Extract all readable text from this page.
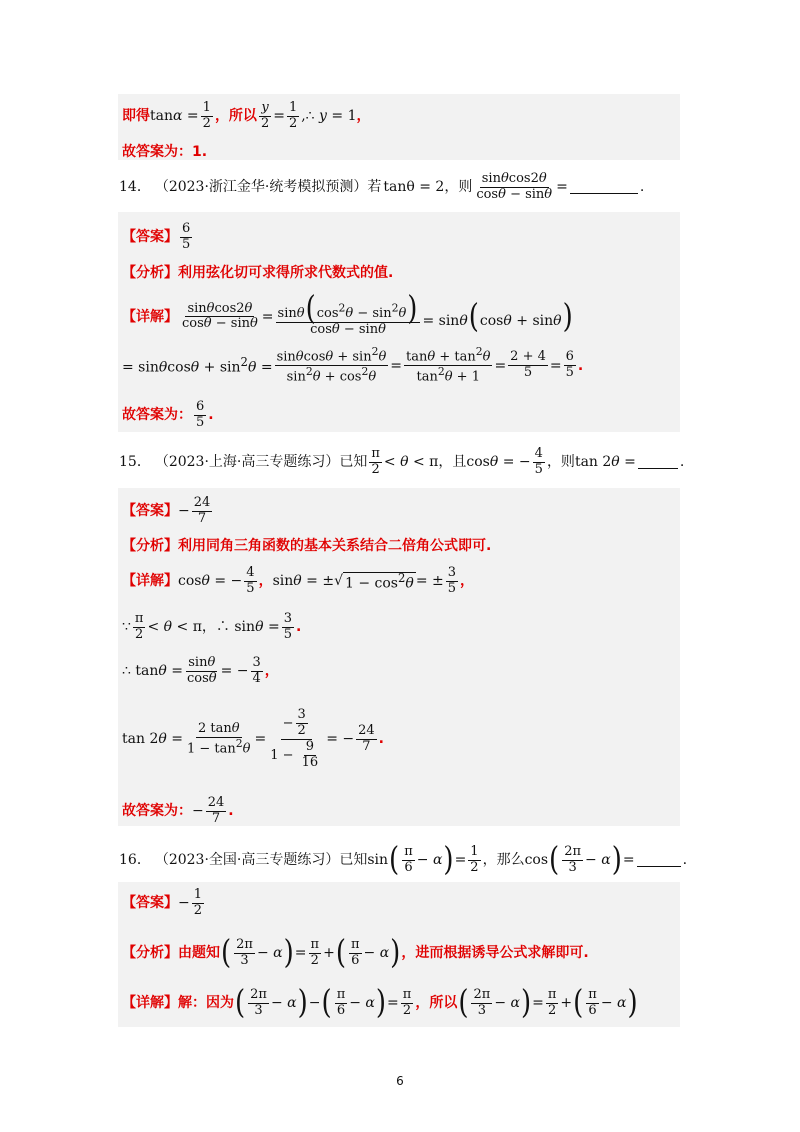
即得 $\tan\alpha = \frac{1}{2}$ ，所以 $\frac{y}{2} = \frac{1}{2}$ ,∴ y = 1 ，
故答案为：1.
14． （2023·浙江金华·统考模拟预测）若 tanθ = 2 ，则 $\frac{\sin\theta\cos 2\theta}{\cos\theta - \sin\theta}$ =	.
【答案】 $\frac{6}{5}$
【分析】 利用弦化切可求得所求代数式的值.
【详解】 $\frac{\sin\theta\cos 2\theta}{\cos\theta - \sin\theta} = \frac{\sin\theta(\cos^2\theta - \sin^2\theta)}{\cos\theta - \sin\theta} = \sin\theta(\cos\theta + \sin\theta)$
= $\sin\theta\cos\theta + \sin^2\theta = \frac{\sin\theta\cos\theta + \sin^2\theta}{\sin^2\theta + \cos^2\theta} = \frac{\tan\theta + \tan^2\theta}{\tan^2\theta + 1} = \frac{2 + 4}{5} = \frac{6}{5}$ .
故答案为： $\frac{6}{5}$ .
15． （2023·上海·高三专题练习）已知 $\frac{\pi}{2} < \theta < \pi$ ，且 cosθ = − $\frac{4}{5}$ ，则 tan 2θ =	.
【答案】 − $\frac{24}{7}$
【分析】 利用同角三角函数的基本关系结合二倍角公式即可.
【详解】 cosθ = − $\frac{4}{5}$ ， sinθ = ± √ $1 - \cos^2\theta$ = ± $\frac{3}{5}$ ，
∵ $\frac{\pi}{2} < \theta < \pi$，∴ $\sin\theta = \frac{3}{5}$ .
∴ $\tan\theta = \frac{\sin\theta}{\cos\theta}$ = − $\frac{3}{4}$ ，
$\tan 2\theta = \frac{2 \tan\theta}{1 - \tan^2\theta} = \frac{- \frac{3}{2}}{1 - \frac{9}{16}}$ = − $\frac{24}{7}$ .
故答案为： − $\frac{24}{7}$ .
16． （2023·全国·高三专题练习）已知 sin ( $\frac{\pi}{6} - \alpha$ ) = $\frac{1}{2}$ ，那么 cos ( $\frac{2\pi}{3} - \alpha$ ) =	.
【答案】 − $\frac{1}{2}$
【分析】 由题知 ( $\frac{2\pi}{3} - \alpha$ ) = $\frac{\pi}{2}$ + ( $\frac{\pi}{6} - \alpha$ ) ，进而根据诱导公式求解即可.
【详解】 解：因为 ( $\frac{2\pi}{3} - \alpha$ ) − ( $\frac{\pi}{6} - \alpha$ ) = $\frac{\pi}{2}$ ，所以 ( $\frac{2\pi}{3} - \alpha$ ) = $\frac{\pi}{2}$ + ( $\frac{\pi}{6} - \alpha$ )
6
